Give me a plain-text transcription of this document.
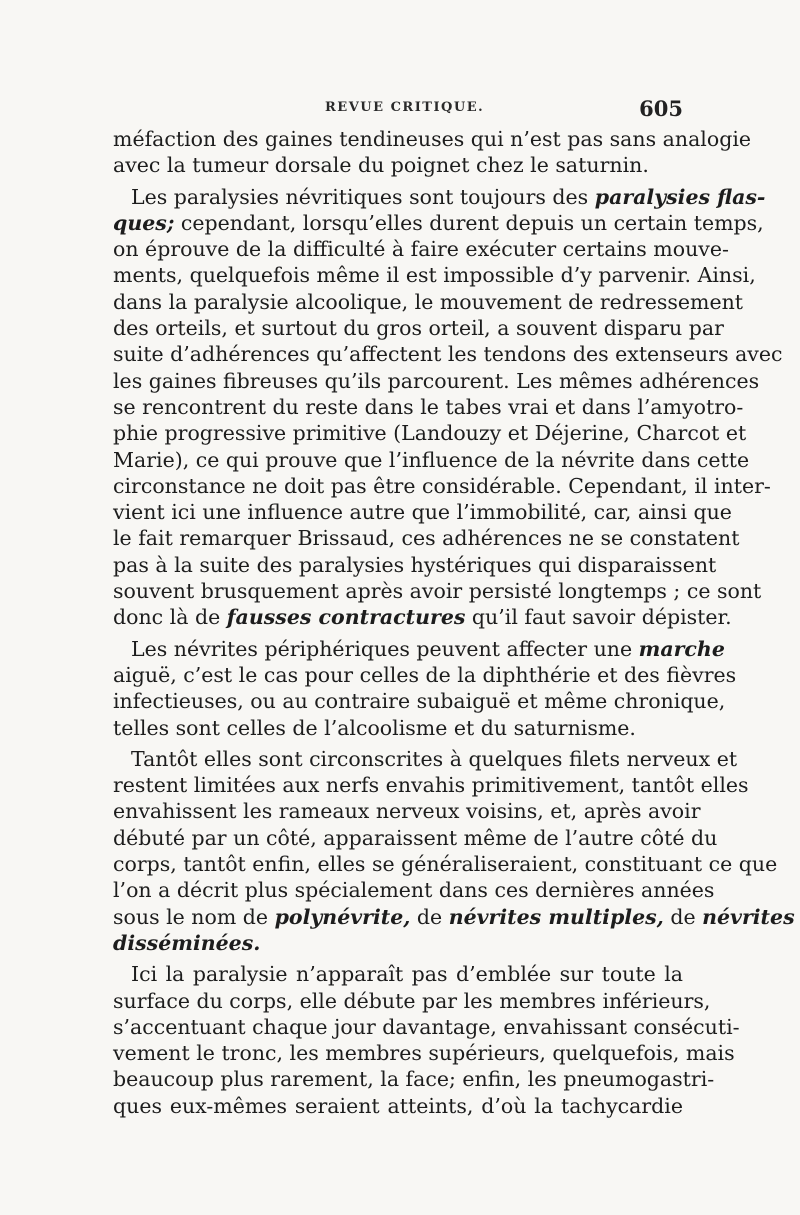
REVUE CRITIQUE.	605
méfaction des gaines tendineuses qui n’est pas sans analogie
avec la tumeur dorsale du poignet chez le saturnin.
Les paralysies névritiques sont toujours des paralysies flas-
ques; cependant, lorsqu’elles durent depuis un certain temps,
on éprouve de la difficulté à faire exécuter certains mouve-
ments, quelquefois même il est impossible d’y parvenir. Ainsi,
dans la paralysie alcoolique, le mouvement de redressement
des orteils, et surtout du gros orteil, a souvent disparu par
suite d’adhérences qu’affectent les tendons des extenseurs avec
les gaines fibreuses qu’ils parcourent. Les mêmes adhérences
se rencontrent du reste dans le tabes vrai et dans l’amyotro-
phie progressive primitive (Landouzy et Déjerine, Charcot et
Marie), ce qui prouve que l’influence de la névrite dans cette
circonstance ne doit pas être considérable. Cependant, il inter-
vient ici une influence autre que l’immobilité, car, ainsi que
le fait remarquer Brissaud, ces adhérences ne se constatent
pas à la suite des paralysies hystériques qui disparaissent
souvent brusquement après avoir persisté longtemps ; ce sont
donc là de fausses contractures qu’il faut savoir dépister.
Les névrites périphériques peuvent affecter une marche
aiguë, c’est le cas pour celles de la diphthérie et des fièvres
infectieuses, ou au contraire subaiguë et même chronique,
telles sont celles de l’alcoolisme et du saturnisme.
Tantôt elles sont circonscrites à quelques filets nerveux et
restent limitées aux nerfs envahis primitivement, tantôt elles
envahissent les rameaux nerveux voisins, et, après avoir
débuté par un côté, apparaissent même de l’autre côté du
corps, tantôt enfin, elles se généraliseraient, constituant ce que
l’on a décrit plus spécialement dans ces dernières années
sous le nom de polynévrite, de névrites multiples, de névrites
disséminées.
Ici la paralysie n’apparaît pas d’emblée sur toute la
surface du corps, elle débute par les membres inférieurs,
s’accentuant chaque jour davantage, envahissant consécuti-
vement le tronc, les membres supérieurs, quelquefois, mais
beaucoup plus rarement, la face; enfin, les pneumogastri-
ques eux-mêmes seraient atteints, d’où la tachycardie
